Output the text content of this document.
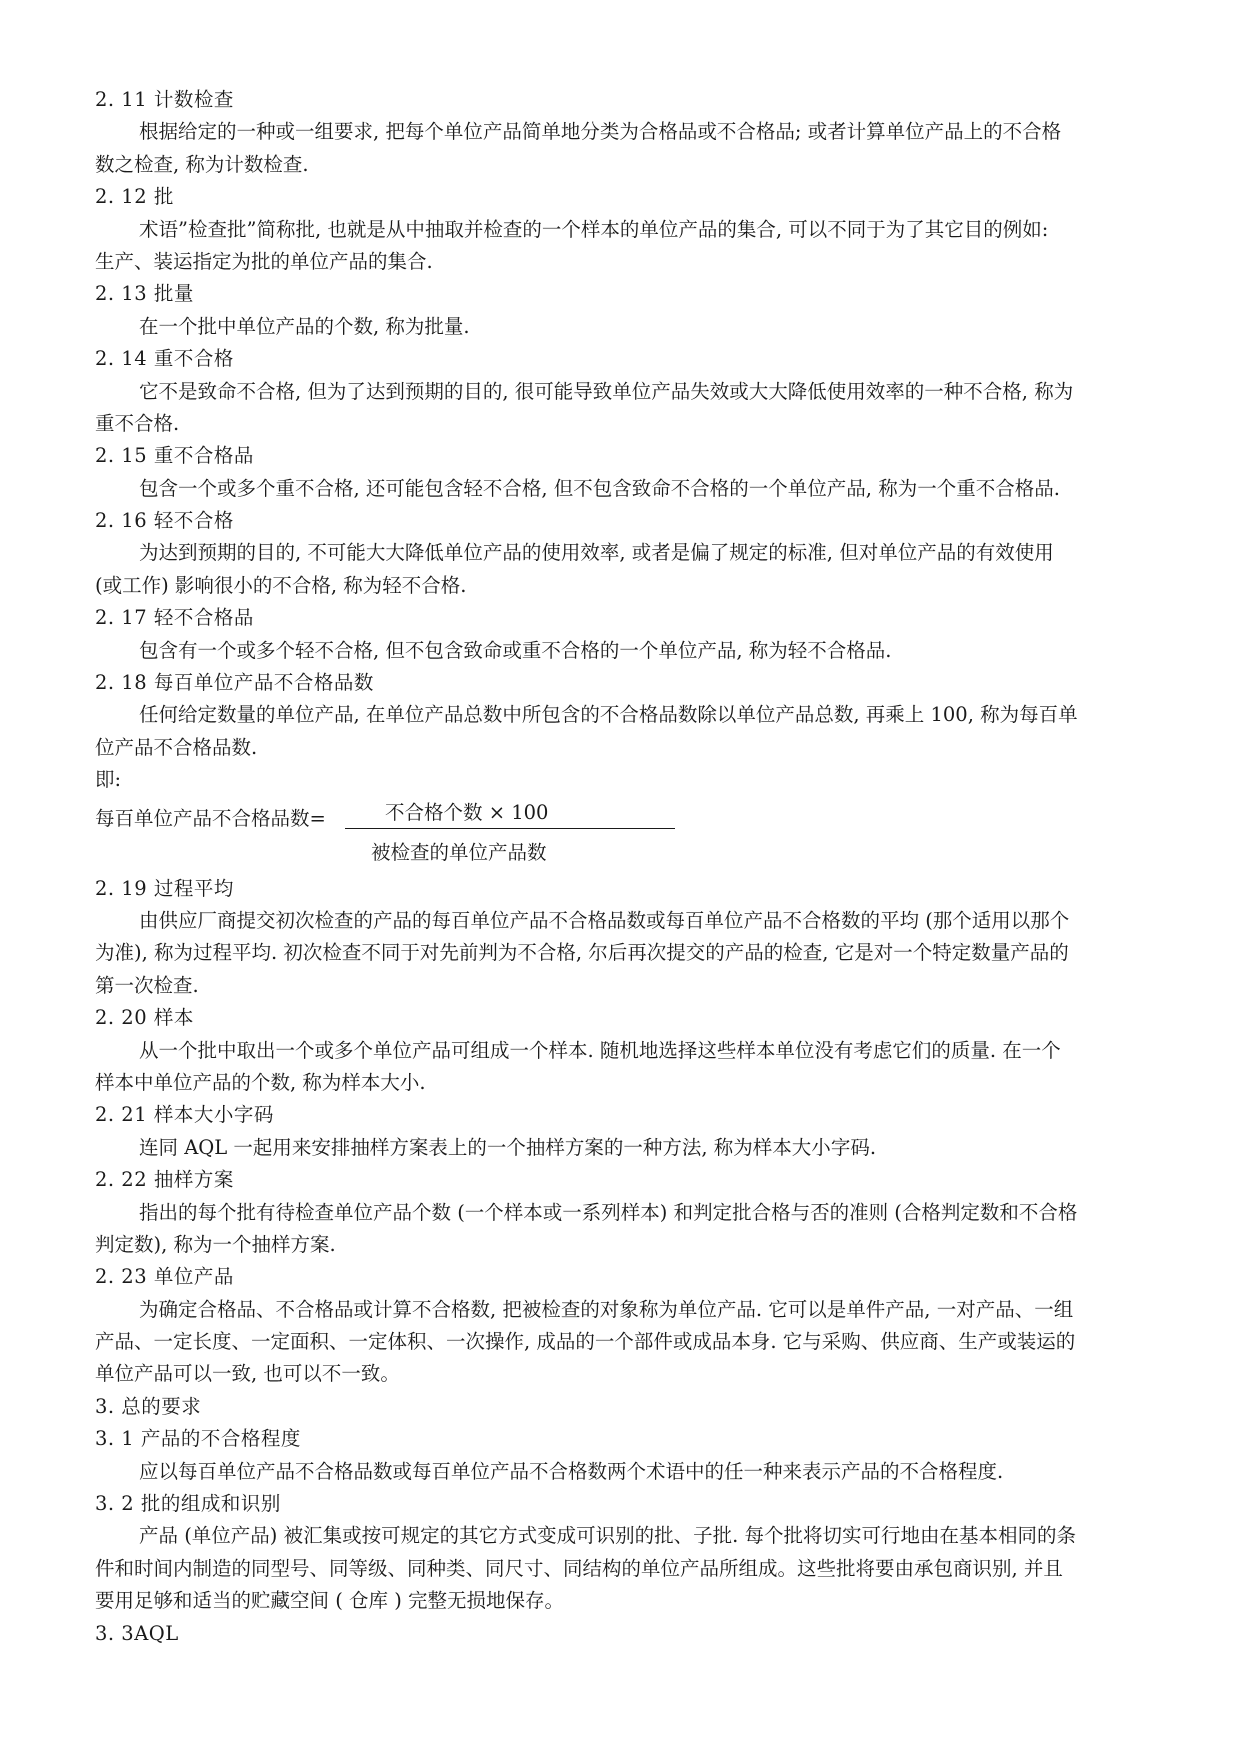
2. 11 计数检查
根据给定的一种或一组要求, 把每个单位产品简单地分类为合格品或不合格品; 或者计算单位产品上的不合格
数之检查, 称为计数检查.
2. 12 批
术语”检查批”简称批, 也就是从中抽取并检查的一个样本的单位产品的集合, 可以不同于为了其它目的例如:
生产、装运指定为批的单位产品的集合.
2. 13 批量
在一个批中单位产品的个数, 称为批量.
2. 14 重不合格
它不是致命不合格, 但为了达到预期的目的, 很可能导致单位产品失效或大大降低使用效率的一种不合格, 称为
重不合格.
2. 15 重不合格品
包含一个或多个重不合格, 还可能包含轻不合格, 但不包含致命不合格的一个单位产品, 称为一个重不合格品.
2. 16 轻不合格
为达到预期的目的, 不可能大大降低单位产品的使用效率, 或者是偏了规定的标准, 但对单位产品的有效使用
(或工作) 影响很小的不合格, 称为轻不合格.
2. 17 轻不合格品
包含有一个或多个轻不合格, 但不包含致命或重不合格的一个单位产品, 称为轻不合格品.
2. 18 每百单位产品不合格品数
任何给定数量的单位产品, 在单位产品总数中所包含的不合格品数除以单位产品总数, 再乘上 100, 称为每百单
位产品不合格品数.
即:
每百单位产品不合格品数=	不合格个数 × 100
被检查的单位产品数
2. 19 过程平均
由供应厂商提交初次检查的产品的每百单位产品不合格品数或每百单位产品不合格数的平均 (那个适用以那个
为准), 称为过程平均. 初次检查不同于对先前判为不合格, 尔后再次提交的产品的检查, 它是对一个特定数量产品的
第一次检查.
2. 20 样本
从一个批中取出一个或多个单位产品可组成一个样本. 随机地选择这些样本单位没有考虑它们的质量. 在一个
样本中单位产品的个数, 称为样本大小.
2. 21 样本大小字码
连同 AQL 一起用来安排抽样方案表上的一个抽样方案的一种方法, 称为样本大小字码.
2. 22 抽样方案
指出的每个批有待检查单位产品个数 (一个样本或一系列样本) 和判定批合格与否的准则 (合格判定数和不合格
判定数), 称为一个抽样方案.
2. 23 单位产品
为确定合格品、不合格品或计算不合格数, 把被检查的对象称为单位产品. 它可以是单件产品, 一对产品、一组
产品、一定长度、一定面积、一定体积、一次操作, 成品的一个部件或成品本身. 它与采购、供应商、生产或装运的
单位产品可以一致, 也可以不一致。
3. 总的要求
3. 1 产品的不合格程度
应以每百单位产品不合格品数或每百单位产品不合格数两个术语中的任一种来表示产品的不合格程度.
3. 2 批的组成和识别
产品 (单位产品) 被汇集或按可规定的其它方式变成可识别的批、子批. 每个批将切实可行地由在基本相同的条
件和时间内制造的同型号、同等级、同种类、同尺寸、同结构的单位产品所组成。这些批将要由承包商识别, 并且
要用足够和适当的贮藏空间 ( 仓库 ) 完整无损地保存。
3. 3AQL
